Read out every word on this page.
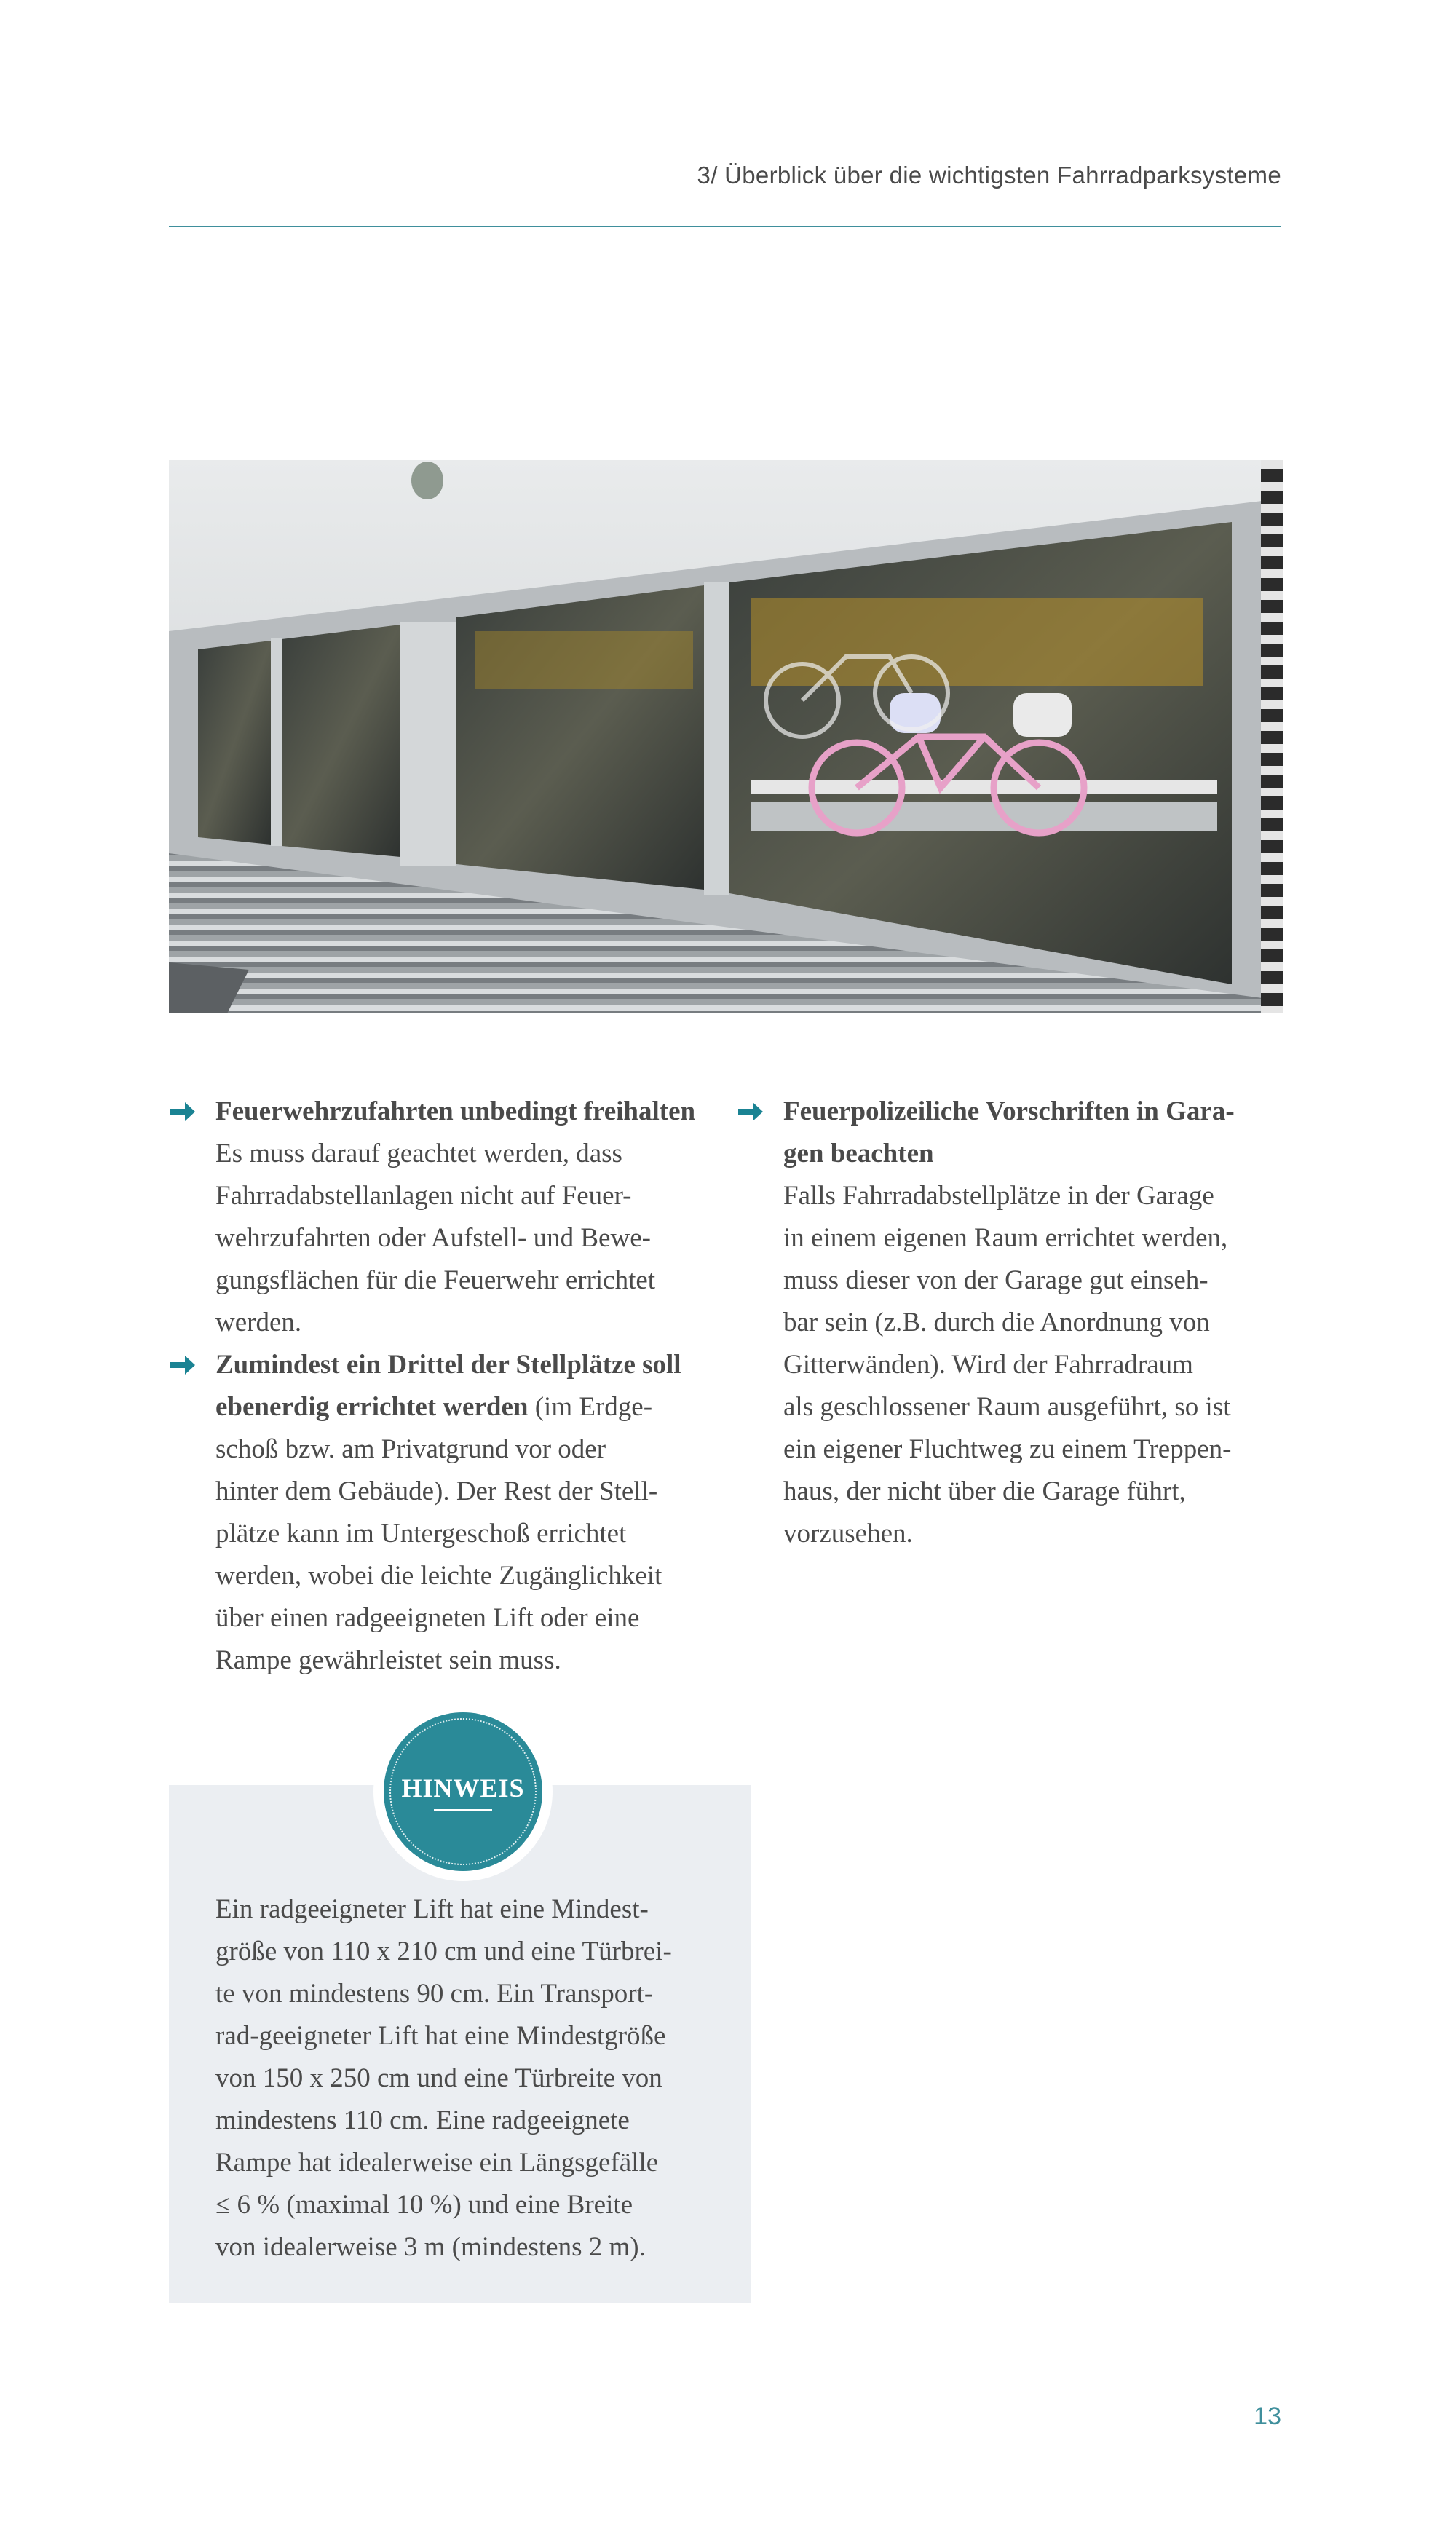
3/ Überblick über die wichtigsten Fahrradparksysteme
Feuerwehrzufahrten unbedingt freihalten
Es muss darauf geachtet werden, dass
Fahrradabstellanlagen nicht auf Feuer-
wehrzufahrten oder Aufstell- und Bewe-
gungsflächen für die Feuerwehr errichtet
werden.
Zumindest ein Drittel der Stellplätze soll
ebenerdig errichtet werden (im Erdge-
schoß bzw. am Privatgrund vor oder
hinter dem Gebäude). Der Rest der Stell-
plätze kann im Untergeschoß errichtet
werden, wobei die leichte Zugänglichkeit
über einen radgeeigneten Lift oder eine
Rampe gewährleistet sein muss.
Feuerpolizeiliche Vorschriften in Gara-
gen beachten
Falls Fahrradabstellplätze in der Garage
in einem eigenen Raum errichtet werden,
muss dieser von der Garage gut einseh-
bar sein (z.B. durch die Anordnung von
Gitterwänden). Wird der Fahrradraum
als geschlossener Raum ausgeführt, so ist
ein eigener Fluchtweg zu einem Treppen-
haus, der nicht über die Garage führt,
vorzusehen.
HINWEIS
Ein radgeeigneter Lift hat eine Mindest-
größe von 110 x 210 cm und eine Türbrei-
te von mindestens 90 cm. Ein Transport-
rad-geeigneter Lift hat eine Mindestgröße
von 150 x 250 cm und eine Türbreite von
mindestens 110 cm. Eine radgeeignete
Rampe hat idealerweise ein Längsgefälle
≤ 6 % (maximal 10 %) und eine Breite
von idealerweise 3 m (mindestens 2 m).
13
